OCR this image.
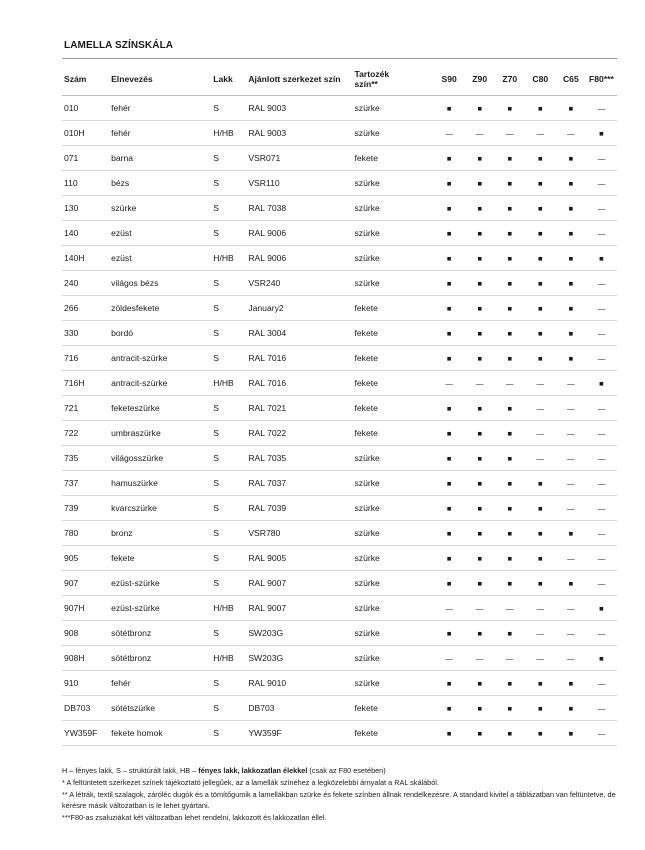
LAMELLA SZÍNSKÁLA
Szám	Elnevezés	Lakk	Ajánlott szerkezet szín	Tartozék
szín**	S90	Z90	Z70	C80	C65	F80***
010	fehér	S	RAL 9003	szürke	■	■	■	■	■	—
010H	fehér	H/HB	RAL 9003	szürke	—	—	—	—	—	■
071	barna	S	VSR071	fekete	■	■	■	■	■	—
110	bézs	S	VSR110	szürke	■	■	■	■	■	—
130	szürke	S	RAL 7038	szürke	■	■	■	■	■	—
140	ezüst	S	RAL 9006	szürke	■	■	■	■	■	—
140H	ezüst	H/HB	RAL 9006	szürke	■	■	■	■	■	■
240	világos bézs	S	VSR240	szürke	■	■	■	■	■	—
266	zöldesfekete	S	January2	fekete	■	■	■	■	■	—
330	bordó	S	RAL 3004	fekete	■	■	■	■	■	—
716	antracit-szürke	S	RAL 7016	fekete	■	■	■	■	■	—
716H	antracit-szürke	H/HB	RAL 7016	fekete	—	—	—	—	—	■
721	feketeszürke	S	RAL 7021	fekete	■	■	■	—	—	—
722	umbraszürke	S	RAL 7022	fekete	■	■	■	—	—	—
735	világosszürke	S	RAL 7035	szürke	■	■	■	—	—	—
737	hamuszürke	S	RAL 7037	szürke	■	■	■	■	—	—
739	kvarcszürke	S	RAL 7039	szürke	■	■	■	■	—	—
780	bronz	S	VSR780	szürke	■	■	■	■	■	—
905	fekete	S	RAL 9005	szürke	■	■	■	■	—	—
907	ezüst-szürke	S	RAL 9007	szürke	■	■	■	■	■	—
907H	ezüst-szürke	H/HB	RAL 9007	szürke	—	—	—	—	—	■
908	sötétbronz	S	SW203G	szürke	■	■	■	—	—	—
908H	sötétbronz	H/HB	SW203G	szürke	—	—	—	—	—	■
910	fehér	S	RAL 9010	szürke	■	■	■	■	■	—
DB703	sötétszürke	S	DB703	fekete	■	■	■	■	■	—
YW359F	fekete homok	S	YW359F	fekete	■	■	■	■	■	—

H – fényes lakk, S – struktúrált lakk, HB – fényes lakk, lakkozatlan élekkel (csak az F80 esetében)

* A feltüntetett szerkezet színek tájékoztató jellegűek, az a lamellák színéhez a legközelebbi árnyalat a RAL skálából.

** A létrák, textil szalagok, záróléc dugók és a tömítőgumik a lamellákban szürke és fekete színben állnak rendelkezésre. A standard kivitel a táblázatban van feltüntetve, de kérésre másik változatban is le lehet gyártani.

***F80-as zsaluziákat két változatban lehet rendelni, lakkozott és lakkozatlan éllel.
